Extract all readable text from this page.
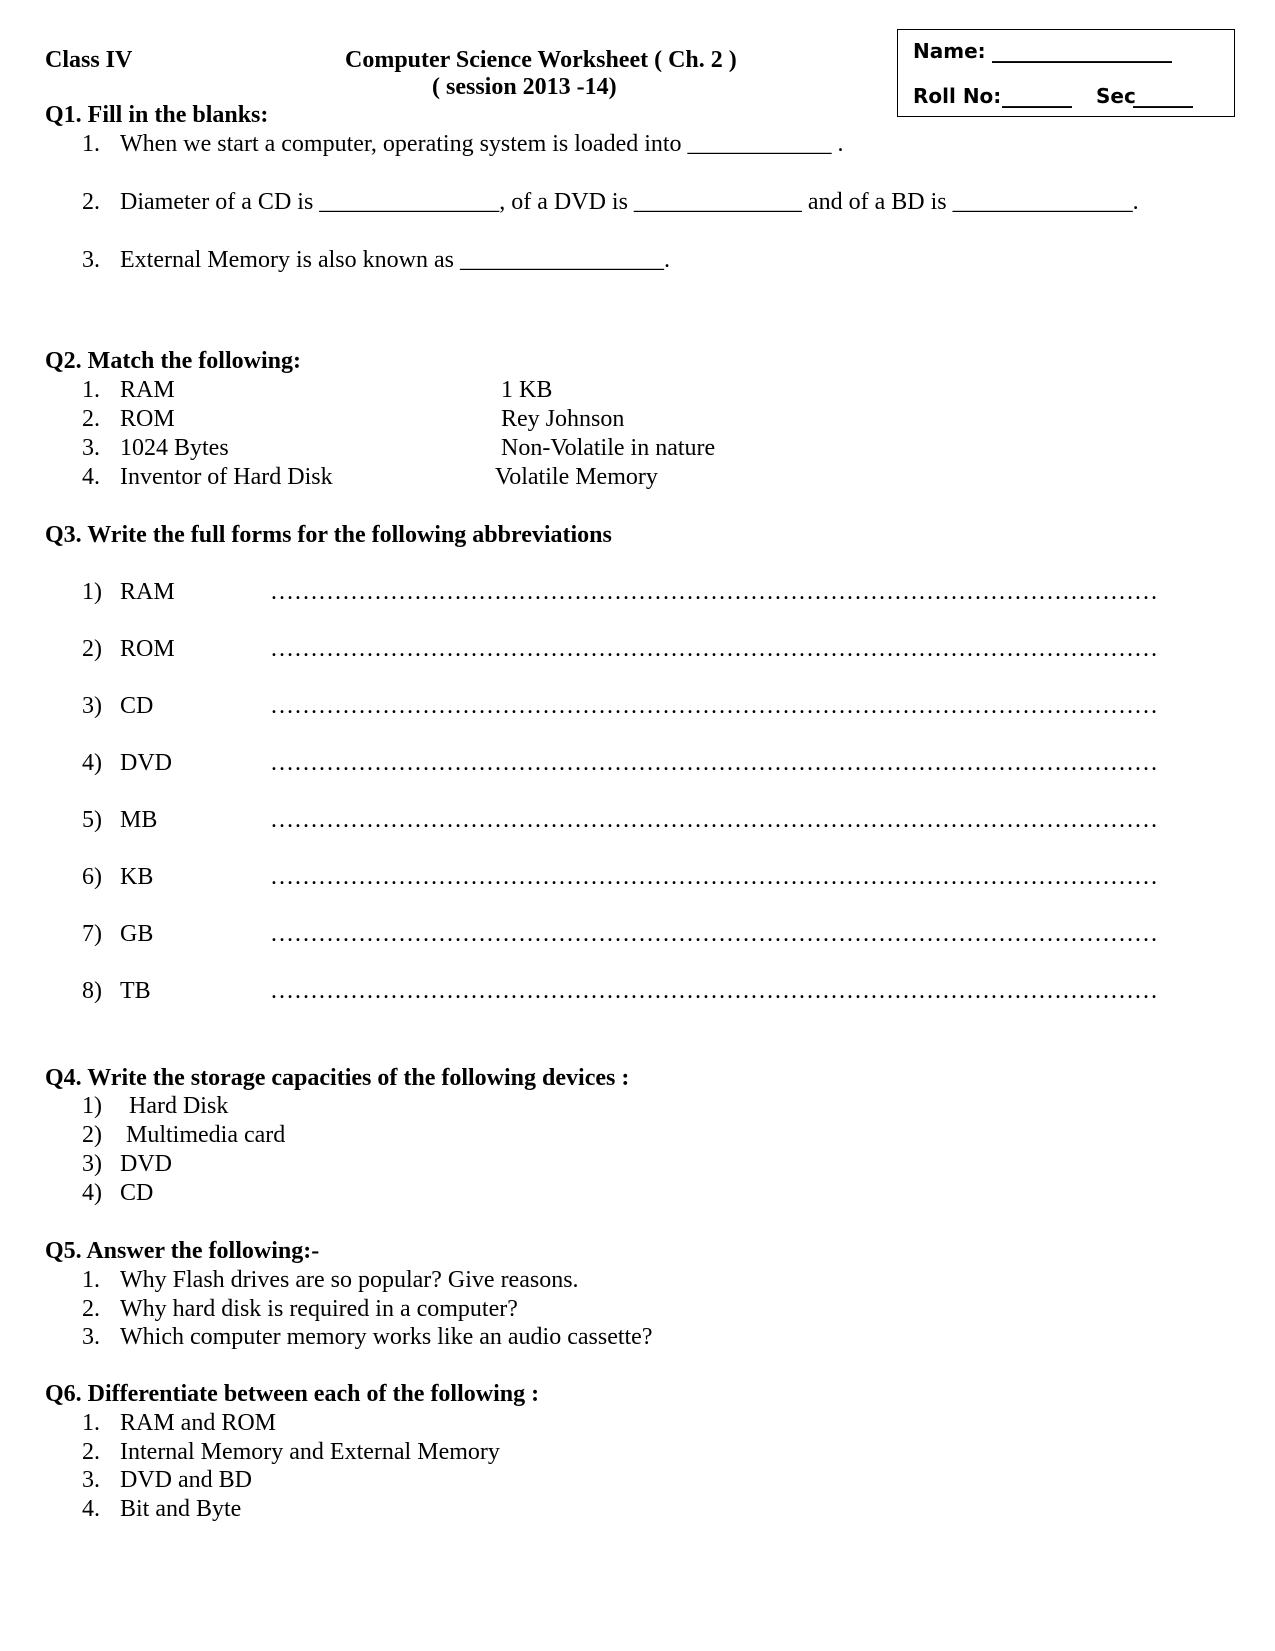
Class IV	Computer Science Worksheet ( Ch. 2 )
( session 2013 -14)
Name: __________________
Roll No: _______ Sec
______
Q1. Fill in the blanks:
1. When we start a computer, operating system is loaded into ____________ .
2. Diameter of a CD is _______________, of a DVD is ______________ and of a BD is _______________.
3. External Memory is also known as _________________.
Q2. Match the following:
1. RAM	1 KB
2. ROM	Rey Johnson
3. 1024 Bytes	Non-Volatile in nature
4. Inventor of Hard Disk	Volatile Memory
Q3. Write the full forms for the following abbreviations
1) RAM	…………………………………………………………………………………………………
2) ROM	…………………………………………………………………………………………………
3) CD	…………………………………………………………………………………………………
4) DVD	…………………………………………………………………………………………………
5) MB	…………………………………………………………………………………………………
6) KB	…………………………………………………………………………………………………
7) GB	…………………………………………………………………………………………………
8) TB	…………………………………………………………………………………………………
Q4. Write the storage capacities of the following devices :
1) Hard Disk
2) Multimedia card
3) DVD
4) CD
Q5. Answer the following:-
1. Why Flash drives are so popular? Give reasons.
2. Why hard disk is required in a computer?
3. Which computer memory works like an audio cassette?
Q6. Differentiate between each of the following :
1. RAM and ROM
2. Internal Memory and External Memory
3. DVD and BD
4. Bit and Byte
